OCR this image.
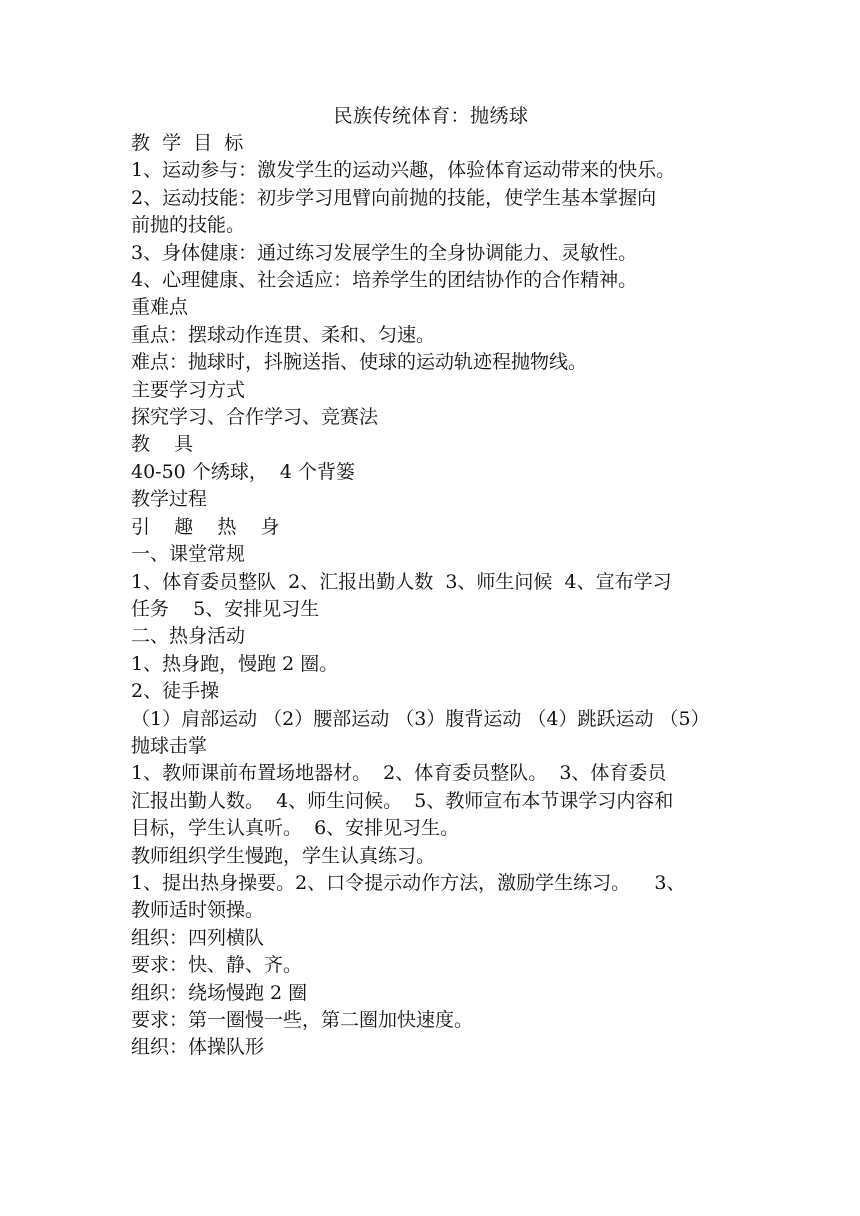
民族传统体育：抛绣球

教  学  目  标

1、运动参与：激发学生的运动兴趣，体验体育运动带来的快乐。

2、运动技能：初步学习甩臂向前抛的技能，使学生基本掌握向

前抛的技能。

3、身体健康：通过练习发展学生的全身协调能力、灵敏性。

4、心理健康、社会适应：培养学生的团结协作的合作精神。

重难点

重点：摆球动作连贯、柔和、匀速。

难点：抛球时，抖腕送指、使球的运动轨迹程抛物线。

主要学习方式

探究学习、合作学习、竞赛法

教    具

40-50 个绣球，  4 个背篓

教学过程

引    趣    热    身

一、课堂常规

1、体育委员整队  2、汇报出勤人数  3、师生问候  4、宣布学习

任务    5、安排见习生

二、热身活动

1、热身跑，慢跑 2 圈。

2、徒手操

（1）肩部运动 （2）腰部运动 （3）腹背运动 （4）跳跃运动 （5）

抛球击掌

1、教师课前布置场地器材。  2、体育委员整队。  3、体育委员

汇报出勤人数。  4、师生问候。  5、教师宣布本节课学习内容和

目标，学生认真听。  6、安排见习生。

教师组织学生慢跑，学生认真练习。

1、提出热身操要。2、口令提示动作方法，激励学生练习。    3、

教师适时领操。

组织：四列横队

要求：快、静、齐。

组织：绕场慢跑 2 圈

要求：第一圈慢一些，第二圈加快速度。

组织：体操队形
